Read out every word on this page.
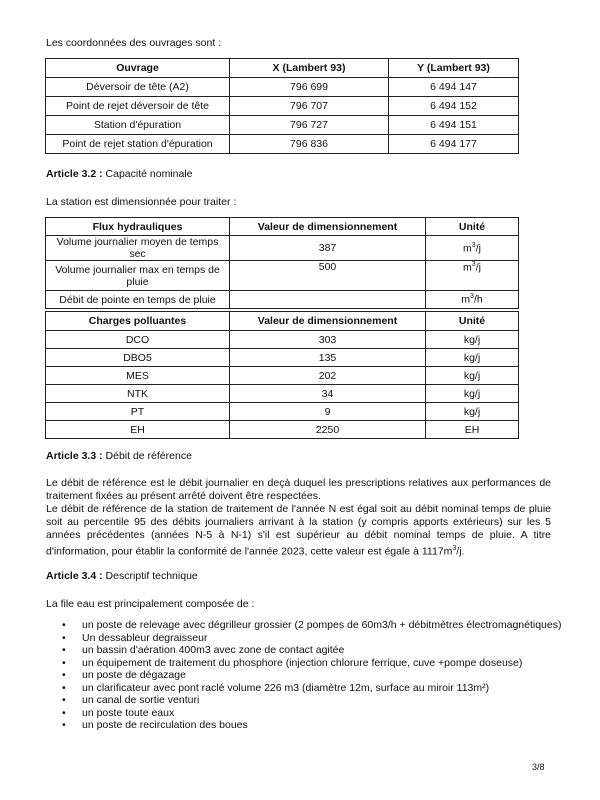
Les coordonnées des ouvrages sont :
Ouvrage	X (Lambert 93)	Y (Lambert 93)
Déversoir de tête (A2)	796 699	6 494 147
Point de rejet déversoir de tête	796 707	6 494 152
Station d'épuration	796 727	6 494 151
Point de rejet station d'épuration	796 836	6 494 177
Article 3.2 : Capacité nominale
La station est dimensionnée pour traiter :
Flux hydrauliques	Valeur de dimensionnement	Unité
Volume journalier moyen de temps sec	387	$m^3/j$
Volume journalier max en temps de pluie	500	$m^3/j$
Débit de pointe en temps de pluie		$m^3/h$
Charges polluantes	Valeur de dimensionnement	Unité
DCO	303	kg/j
DBO5	135	kg/j
MES	202	kg/j
NTK	34	kg/j
PT	9	kg/j
EH	2250	EH
Article 3.3 : Débit de référence
Le débit de référence est le débit journalier en deçà duquel les prescriptions relatives aux performances de traitement fixées au présent arrêté doivent être respectées.
Le débit de référence de la station de traitement de l'année N est égal soit au débit nominal temps de pluie soit au percentile 95 des débits journaliers arrivant à la station (y compris apports extérieurs) sur les 5 années précédentes (années N-5 à N-1) s'il est supérieur au débit nominal temps de pluie. A titre d'information, pour établir la conformité de l'année 2023, cette valeur est égale à $1117m^3/j$.
Article 3.4 : Descriptif technique
La file eau est principalement composée de :
• un poste de relevage avec dégrilleur grossier (2 pompes de 60m3/h + débitmètres électromagnétiques)
• Un dessableur degraisseur
• un bassin d'aération 400m3 avec zone de contact agitée
• un équipement de traitement du phosphore (injection chlorure ferrique, cuve +pompe doseuse)
• un poste de dégazage
• un clarificateur avec pont raclé volume 226 m3 (diamètre 12m, surface au miroir 113m²)
• un canal de sortie venturi
• un poste toute eaux
• un poste de recirculation des boues
3/8
